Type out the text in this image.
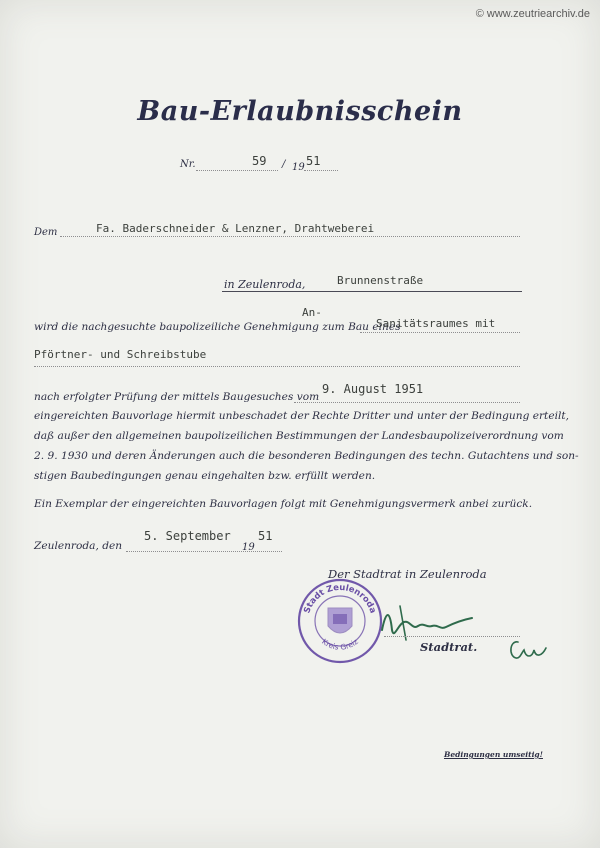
© www.zeutriearchiv.de
Bau-Erlaubnisschein
Nr.	59 / 19 51
Dem	Fa. Baderschneider & Lenzner, Drahtweberei
in Zeulenroda,	Brunnenstraße
An-
wird die nachgesuchte baupolizeiliche Genehmigung zum Bau eines
Sanitätsraumes mit
Pförtner- und Schreibstube
nach erfolgter Prüfung der mittels Baugesuches vom
9. August 1951
eingereichten Bauvorlage hiermit unbeschadet der Rechte Dritter und unter der Bedingung erteilt,
daß außer den allgemeinen baupolizeilichen Bestimmungen der Landesbaupolizeiverordnung vom
2. 9. 1930 und deren Änderungen auch die besonderen Bedingungen des techn. Gutachtens und son-
stigen Baubedingungen genau eingehalten bzw. erfüllt werden.
Ein Exemplar der eingereichten Bauvorlagen folgt mit Genehmigungsvermerk anbei zurück.
Zeulenroda, den
5. September
19
51
Der Stadtrat in Zeulenroda
Stadt Zeulenroda
Kreis Greiz	Stadtrat.
Bedingungen umseitig!
